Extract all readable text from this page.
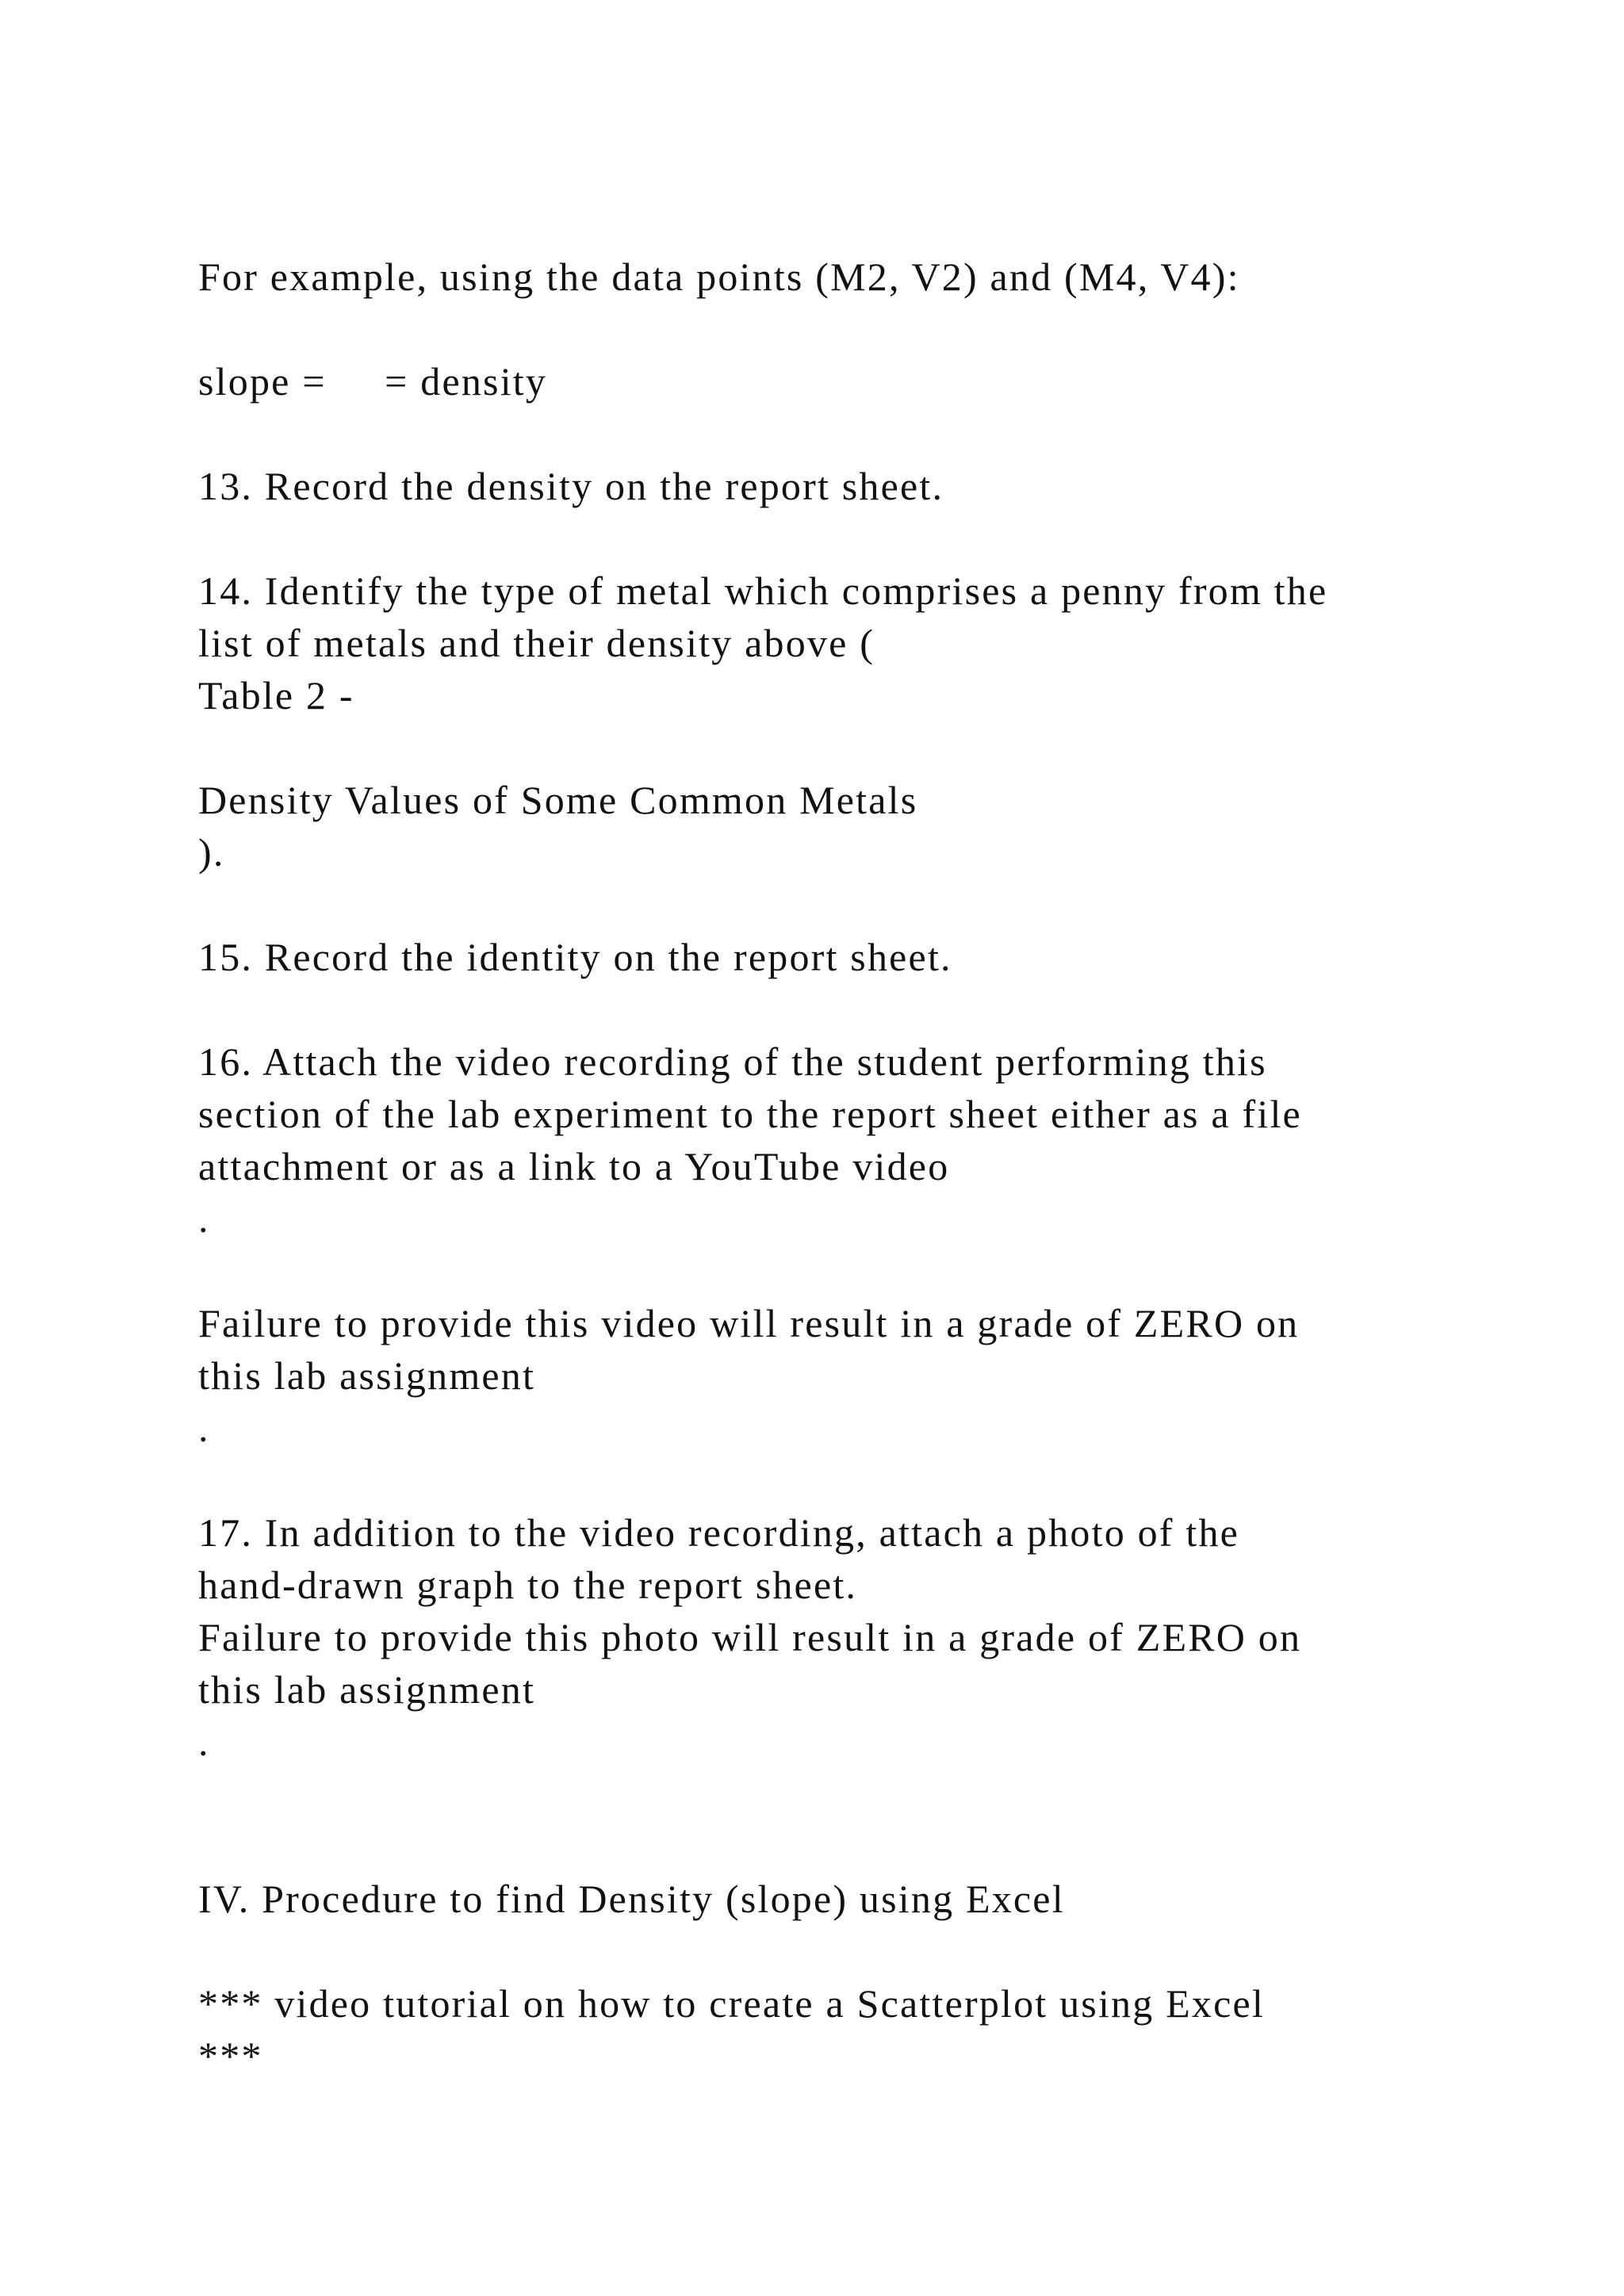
For example, using the data points (M2, V2) and (M4, V4):
slope =     = density
13. Record the density on the report sheet.
14. Identify the type of metal which comprises a penny from the
list of metals and their density above (
Table 2 -
Density Values of Some Common Metals
).
15. Record the identity on the report sheet.
16. Attach the video recording of the student performing this
section of the lab experiment to the report sheet either as a file
attachment or as a link to a YouTube video
.
Failure to provide this video will result in a grade of ZERO on
this lab assignment
.
17. In addition to the video recording, attach a photo of the
hand-drawn graph to the report sheet.
Failure to provide this photo will result in a grade of ZERO on
this lab assignment
.
IV. Procedure to find Density (slope) using Excel
*** video tutorial on how to create a Scatterplot using Excel
***
